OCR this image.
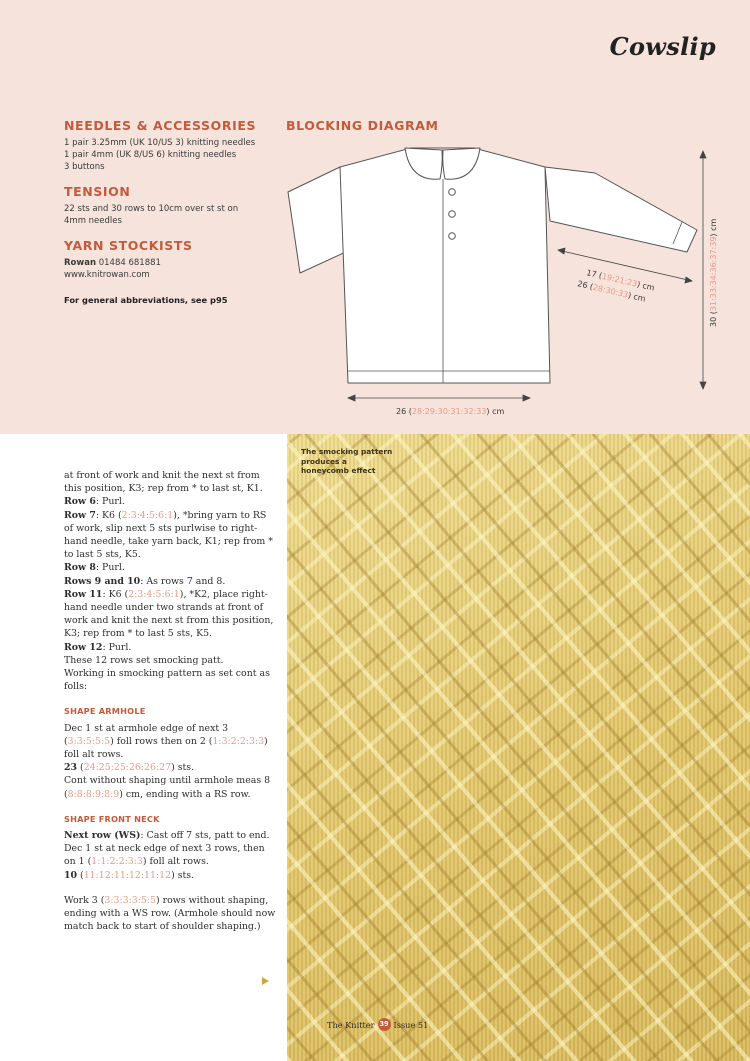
Cowslip
NEEDLES & ACCESSORIES
1 pair 3.25mm (UK 10/US 3) knitting needles
1 pair 4mm (UK 8/US 6) knitting needles
3 buttons
TENSION
22 sts and 30 rows to 10cm over st st on
4mm needles
YARN STOCKISTS
Rowan 01484 681881
www.knitrowan.com
For general abbreviations, see p95
BLOCKING DIAGRAM
26 (28:29:30:31:32:33) cm
17 (19:21:23) cm
26 (28:30:33) cm
30 (31:33:34:36:37:39) cm

at front of work and knit the next st from this position, K3; rep from * to last st, K1.

Row 6: Purl.

Row 7: K6 (2:3:4:5:6:1), *bring yarn to RS of work, slip next 5 sts purlwise to right-hand needle, take yarn back, K1; rep from * to last 5 sts, K5.

Row 8: Purl.

Rows 9 and 10: As rows 7 and 8.

Row 11: K6 (2:3:4:5:6:1), *K2, place right-hand needle under two strands at front of work and knit the next st from this position, K3; rep from * to last 5 sts, K5.

Row 12: Purl.

These 12 rows set smocking patt.

Working in smocking pattern as set cont as folls:

SHAPE ARMHOLE

Dec 1 st at armhole edge of next 3 (3:3:5:5:5) foll rows then on 2 (1:3:2:2:3:3) foll alt rows.

23 (24:25:25:26:26:27) sts.

Cont without shaping until armhole meas 8 (8:8:8:9:8:9) cm, ending with a RS row.

SHAPE FRONT NECK

Next row (WS): Cast off 7 sts, patt to end.

Dec 1 st at neck edge of next 3 rows, then on 1 (1:1:2:2:3:3) foll alt rows.

10 (11:12:11:12:11:12) sts.

Work 3 (3:3:3:3:5:5) rows without shaping, ending with a WS row. (Armhole should now match back to start of shoulder shaping.)

The smocking pattern produces a honeycomb effect
The Knitter 39 Issue 51
